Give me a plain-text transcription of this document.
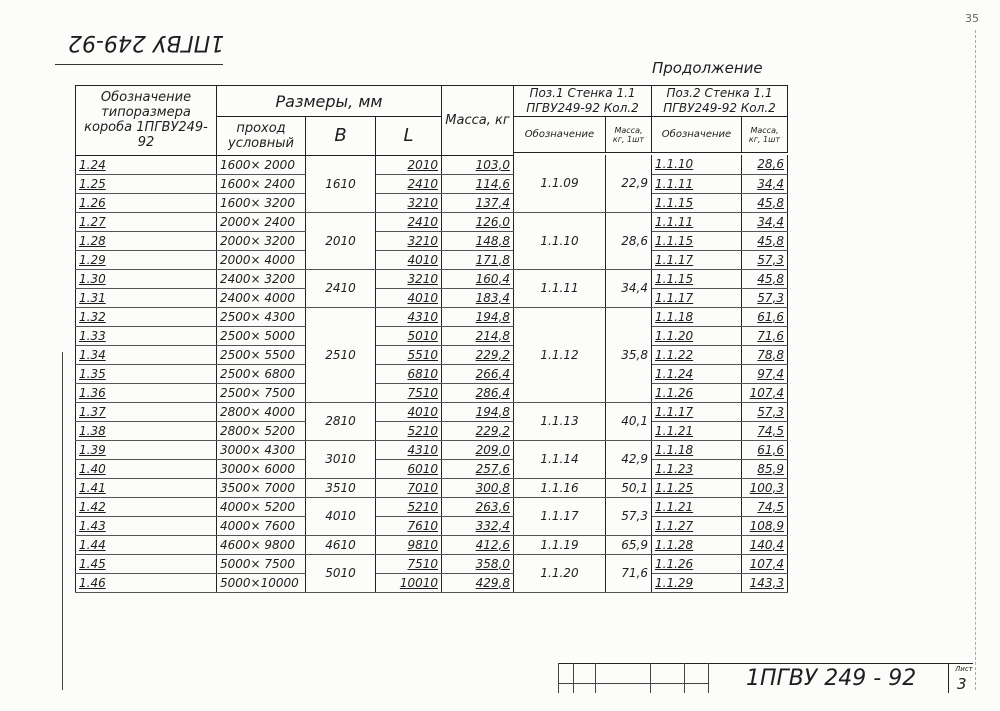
1ПГВУ 249-92
35
Продолжение
Обозначение типоразмера короба 1ПГВУ249-92	Размеры, мм			Масса, кг	Поз.1 Стенка 1.1 ПГВУ249-92 Кол.2		Поз.2 Стенка 1.1 ПГВУ249-92 Кол.2	
	проход условный	B	L		Обозначение	Масса, кг, 1шт	Обозначение	Масса, кг, 1шт

1.24	1600× 2000	1610	2010	103,0	1.1.09	22,9	1.1.10	28,6
1.25	1600× 2400		2410	114,6			1.1.11	34,4
1.26	1600× 3200		3210	137,4			1.1.15	45,8
1.27	2000× 2400	2010	2410	126,0	1.1.10	28,6	1.1.11	34,4
1.28	2000× 3200		3210	148,8			1.1.15	45,8
1.29	2000× 4000		4010	171,8			1.1.17	57,3
1.30	2400× 3200	2410	3210	160,4	1.1.11	34,4	1.1.15	45,8
1.31	2400× 4000		4010	183,4			1.1.17	57,3
1.32	2500× 4300	2510	4310	194,8	1.1.12	35,8	1.1.18	61,6
1.33	2500× 5000		5010	214,8			1.1.20	71,6
1.34	2500× 5500		5510	229,2			1.1.22	78,8
1.35	2500× 6800		6810	266,4			1.1.24	97,4
1.36	2500× 7500		7510	286,4			1.1.26	107,4
1.37	2800× 4000	2810	4010	194,8	1.1.13	40,1	1.1.17	57,3
1.38	2800× 5200		5210	229,2			1.1.21	74,5
1.39	3000× 4300	3010	4310	209,0	1.1.14	42,9	1.1.18	61,6
1.40	3000× 6000		6010	257,6			1.1.23	85,9
1.41	3500× 7000	3510	7010	300,8	1.1.16	50,1	1.1.25	100,3
1.42	4000× 5200	4010	5210	263,6	1.1.17	57,3	1.1.21	74,5
1.43	4000× 7600		7610	332,4			1.1.27	108,9
1.44	4600× 9800	4610	9810	412,6	1.1.19	65,9	1.1.28	140,4
1.45	5000× 7500	5010	7510	358,0	1.1.20	71,6	1.1.26	107,4
1.46	5000×10000		10010	429,8			1.1.29	143,3
1ПГВУ 249 - 92	Лист
3
